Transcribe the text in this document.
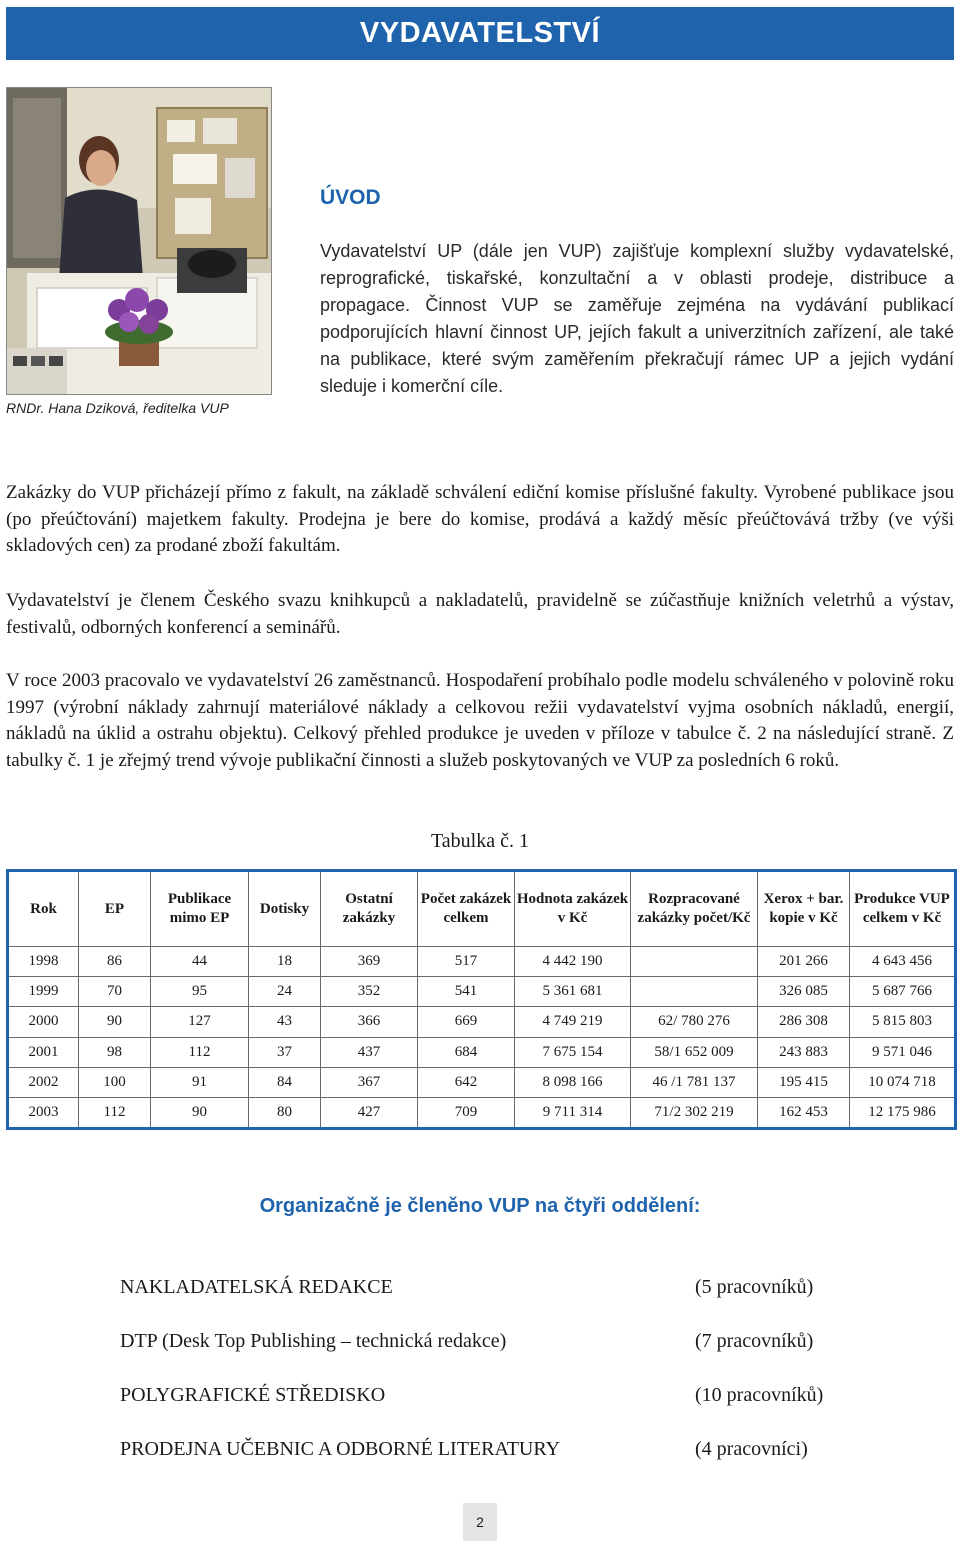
VYDAVATELSTVÍ
RNDr. Hana Dziková, ředitelka VUP
ÚVOD
Vydavatelství UP (dále jen VUP) zajišťuje komplexní služby vydavatelské, reprografické, tiskařské, konzultační a v oblasti prodeje, distribuce a propagace. Činnost VUP se zaměřuje zejména na vydávání publikací podporujících hlavní činnost UP, jejích fakult a univerzitních zařízení, ale také na publikace, které svým zaměřením překračují rámec UP a jejich vydání sleduje i komerční cíle.
Zakázky do VUP přicházejí přímo z fakult, na základě schválení ediční komise příslušné fakulty. Vyrobené publikace jsou (po přeúčtování) majetkem fakulty. Prodejna je bere do komise, prodává a každý měsíc přeúčtovává tržby (ve výši skladových cen) za prodané zboží fakultám.
Vydavatelství je členem Českého svazu knihkupců a nakladatelů, pravidelně se zúčastňuje knižních veletrhů a výstav, festivalů, odborných konferencí a seminářů.
V roce 2003 pracovalo ve vydavatelství 26 zaměstnanců. Hospodaření probíhalo podle modelu schváleného v polovině roku 1997 (výrobní náklady zahrnují materiálové náklady a celkovou režii vydavatelství vyjma osobních nákladů, energií, nákladů na úklid a ostrahu objektu). Celkový přehled produkce je uveden v příloze v tabulce č. 2 na následující straně. Z tabulky č. 1 je zřejmý trend vývoje publikační činnosti a služeb poskytovaných ve VUP za posledních 6 roků.
Tabulka č. 1
Rok	EP	Publikace mimo EP	Dotisky	Ostatní zakázky	Počet zakázek celkem	Hodnota zakázek v Kč	Rozpracované zakázky počet/Kč	Xerox + bar. kopie v Kč	Produkce VUP celkem v Kč
1998	86	44	18	369	517	4 442 190		201 266	4 643 456
1999	70	95	24	352	541	5 361 681		326 085	5 687 766
2000	90	127	43	366	669	4 749 219	62/ 780 276	286 308	5 815 803
2001	98	112	37	437	684	7 675 154	58/1 652 009	243 883	9 571 046
2002	100	91	84	367	642	8 098 166	46 /1 781 137	195 415	10 074 718
2003	112	90	80	427	709	9 711 314	71/2 302 219	162 453	12 175 986
Organizačně je členěno VUP na čtyři oddělení:
NAKLADATELSKÁ REDAKCE	(5 pracovníků)
DTP (Desk Top Publishing – technická redakce)	(7 pracovníků)
POLYGRAFICKÉ STŘEDISKO	(10 pracovníků)
PRODEJNA UČEBNIC A ODBORNÉ LITERATURY	(4 pracovníci)
2
